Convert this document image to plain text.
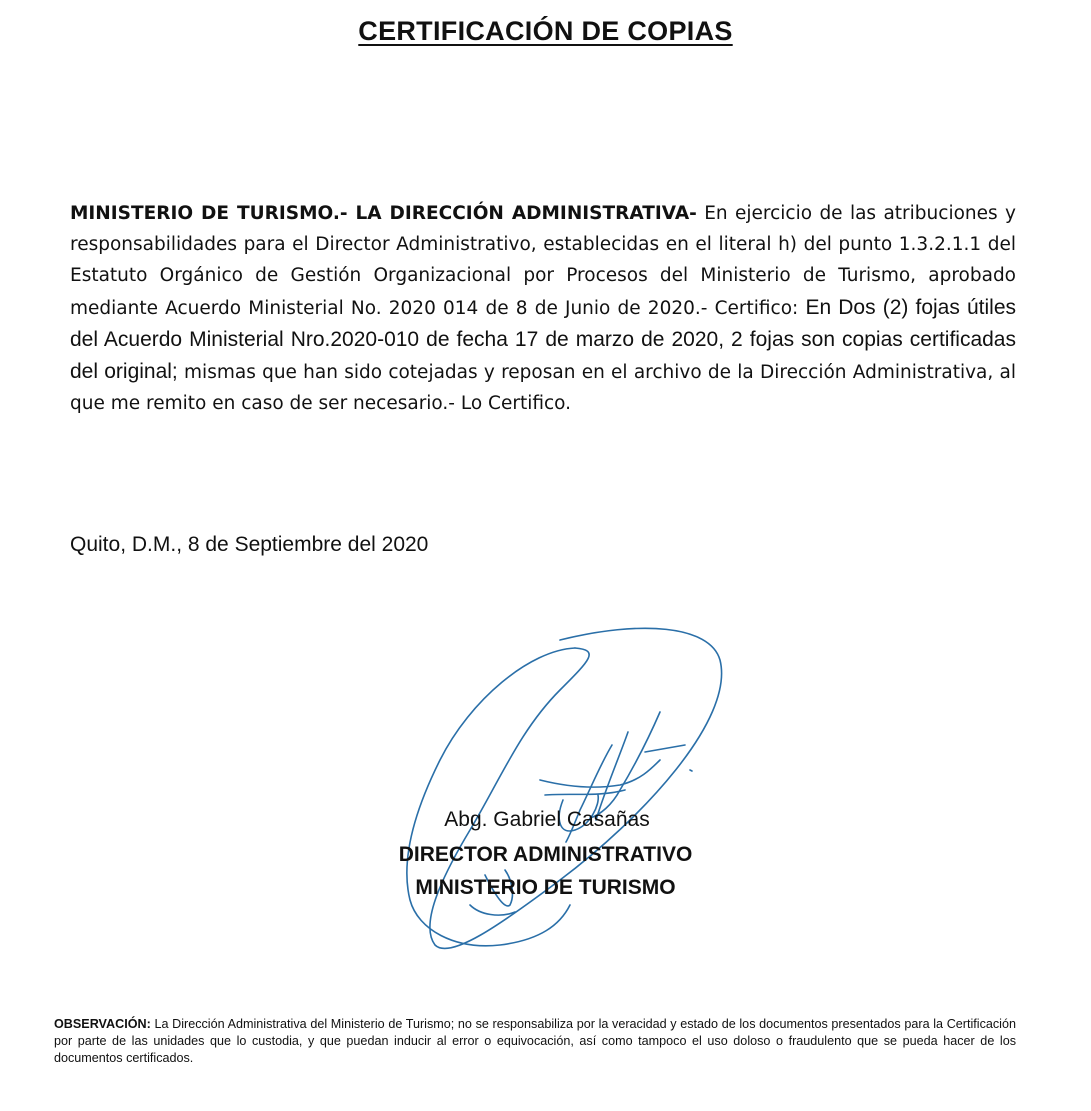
CERTIFICACIÓN DE COPIAS

MINISTERIO DE TURISMO.- LA DIRECCIÓN ADMINISTRATIVA- En ejercicio de las atribuciones y responsabilidades para el Director Administrativo, establecidas en el literal h) del punto 1.3.2.1.1 del Estatuto Orgánico de Gestión Organizacional por Procesos del Ministerio de Turismo, aprobado mediante Acuerdo Ministerial No. 2020 014 de 8 de Junio de 2020.- Certifico: En Dos (2) fojas útiles del Acuerdo Ministerial Nro.2020-010 de fecha 17 de marzo de 2020, 2 fojas son copias certificadas del original; mismas que han sido cotejadas y reposan en el archivo de la Dirección Administrativa, al que me remito en caso de ser necesario.- Lo Certifico.

Quito, D.M., 8 de Septiembre del 2020
Abg. Gabriel Casañas
DIRECTOR ADMINISTRATIVO
MINISTERIO DE TURISMO

OBSERVACIÓN: La Dirección Administrativa del Ministerio de Turismo; no se responsabiliza por la veracidad y estado de los documentos presentados para la Certificación por parte de las unidades que lo custodia, y que puedan inducir al error o equivocación, así como tampoco el uso doloso o fraudulento que se pueda hacer de los documentos certificados.
